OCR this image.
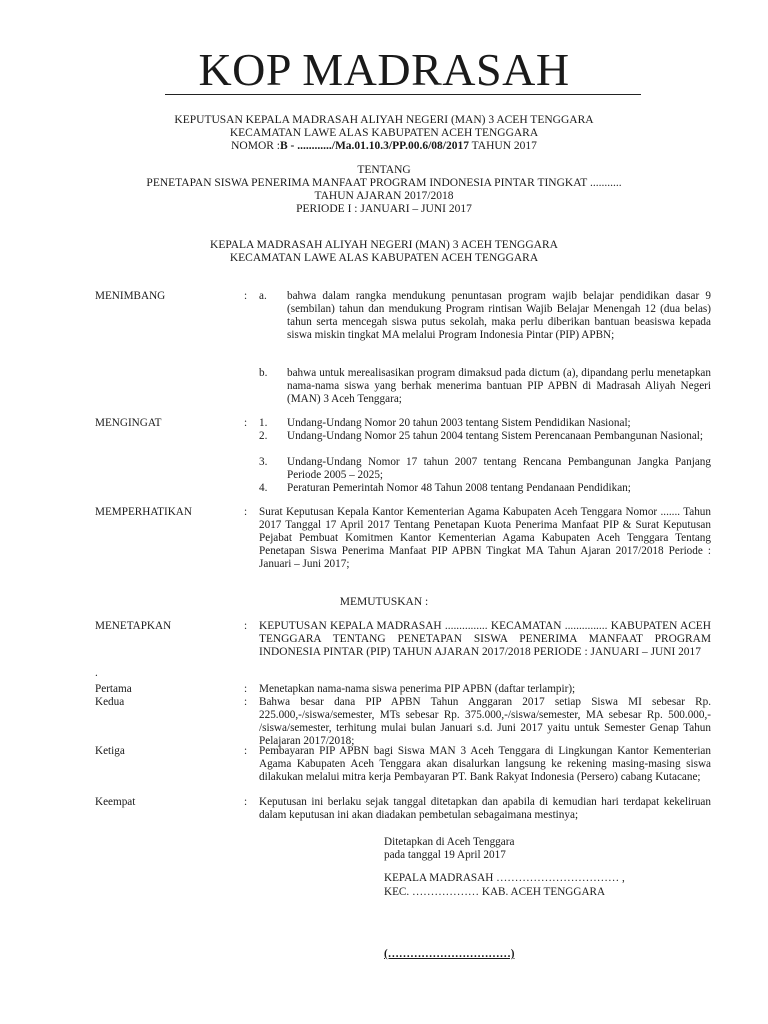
KOP MADRASAH
KEPUTUSAN KEPALA MADRASAH ALIYAH NEGERI (MAN) 3 ACEH TENGGARA
KECAMATAN LAWE ALAS KABUPATEN ACEH TENGGARA
NOMOR :B - ............/Ma.01.10.3/PP.00.6/08/2017 TAHUN 2017
TENTANG
PENETAPAN SISWA PENERIMA MANFAAT PROGRAM INDONESIA PINTAR TINGKAT ...........
TAHUN AJARAN 2017/2018
PERIODE I : JANUARI – JUNI 2017
KEPALA MADRASAH ALIYAH NEGERI (MAN) 3 ACEH TENGGARA
KECAMATAN LAWE ALAS KABUPATEN ACEH TENGGARA
MENIMBANG	: a. bahwa dalam rangka mendukung penuntasan program wajib belajar pendidikan dasar 9 (sembilan) tahun dan mendukung Program rintisan Wajib Belajar Menengah 12 (dua belas) tahun serta mencegah siswa putus sekolah, maka perlu diberikan bantuan beasiswa kepada siswa miskin tingkat MA melalui Program Indonesia Pintar (PIP) APBN;
b. bahwa untuk merealisasikan program dimaksud pada dictum (a), dipandang perlu menetapkan nama-nama siswa yang berhak menerima bantuan PIP APBN di Madrasah Aliyah Negeri (MAN) 3 Aceh Tenggara;
MENGINGAT	: 1. Undang-Undang Nomor 20 tahun 2003 tentang Sistem Pendidikan Nasional;
2. Undang-Undang Nomor 25 tahun 2004 tentang Sistem Perencanaan Pembangunan Nasional;
3. Undang-Undang Nomor 17 tahun 2007 tentang Rencana Pembangunan Jangka Panjang Periode 2005 – 2025;
4. Peraturan Pemerintah Nomor 48 Tahun 2008 tentang Pendanaan Pendidikan;
MEMPERHATIKAN	: Surat Keputusan Kepala Kantor Kementerian Agama Kabupaten Aceh Tenggara Nomor ....... Tahun 2017 Tanggal 17 April 2017 Tentang Penetapan Kuota Penerima Manfaat PIP & Surat Keputusan Pejabat Pembuat Komitmen Kantor Kementerian Agama Kabupaten Aceh Tenggara Tentang Penetapan Siswa Penerima Manfaat PIP APBN Tingkat MA Tahun Ajaran 2017/2018 Periode : Januari – Juni 2017;
MEMUTUSKAN :
MENETAPKAN	: KEPUTUSAN KEPALA MADRASAH ............... KECAMATAN ............... KABUPATEN ACEH TENGGARA TENTANG PENETAPAN SISWA PENERIMA MANFAAT PROGRAM INDONESIA PINTAR (PIP) TAHUN AJARAN 2017/2018 PERIODE : JANUARI – JUNI 2017
.
Pertama	: Menetapkan nama-nama siswa penerima PIP APBN (daftar terlampir);
Kedua	: Bahwa besar dana PIP APBN Tahun Anggaran 2017 setiap Siswa MI sebesar Rp. 225.000,-/siswa/semester, MTs sebesar Rp. 375.000,-/siswa/semester, MA sebesar Rp. 500.000,- /siswa/semester, terhitung mulai bulan Januari s.d. Juni 2017 yaitu untuk Semester Genap Tahun Pelajaran 2017/2018;
Ketiga	: Pembayaran PIP APBN bagi Siswa MAN 3 Aceh Tenggara di Lingkungan Kantor Kementerian Agama Kabupaten Aceh Tenggara akan disalurkan langsung ke rekening masing-masing siswa dilakukan melalui mitra kerja Pembayaran PT. Bank Rakyat Indonesia (Persero) cabang Kutacane;
Keempat	: Keputusan ini berlaku sejak tanggal ditetapkan dan apabila di kemudian hari terdapat kekeliruan dalam keputusan ini akan diadakan pembetulan sebagaimana mestinya;
Ditetapkan di Aceh Tenggara
pada tanggal 19 April 2017
KEPALA MADRASAH …………………………… ,
KEC. ……………… KAB. ACEH TENGGARA
(……………………………)
